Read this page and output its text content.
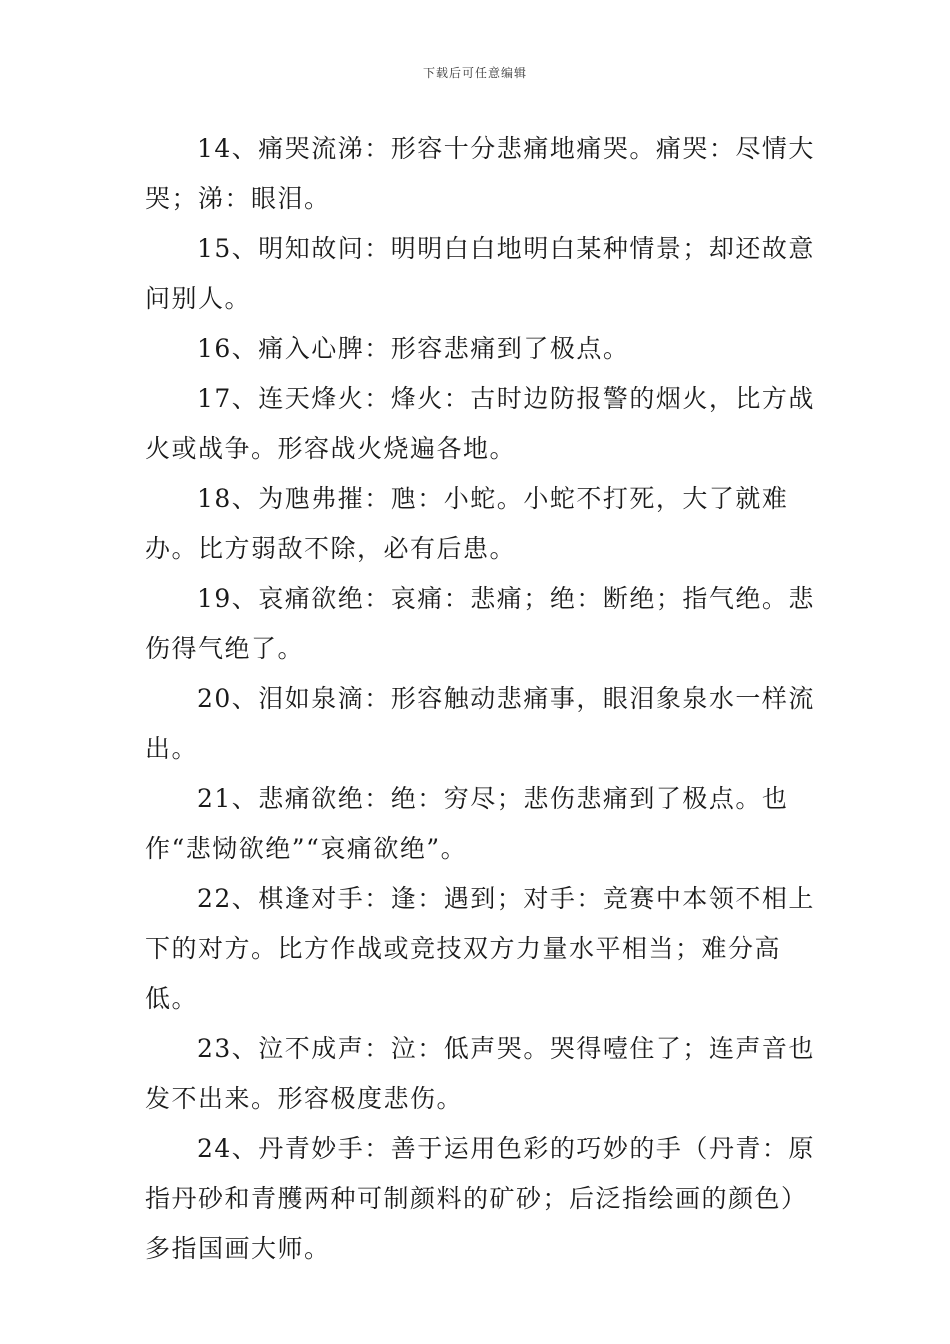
下载后可任意编辑

14、痛哭流涕：形容十分悲痛地痛哭。痛哭：尽情大哭；涕：眼泪。

15、明知故问：明明白白地明白某种情景；却还故意问别人。

16、痛入心脾：形容悲痛到了极点。

17、连天烽火：烽火：古时边防报警的烟火，比方战火或战争。形容战火烧遍各地。

18、为虺弗摧：虺：小蛇。小蛇不打死，大了就难办。比方弱敌不除，必有后患。

19、哀痛欲绝：哀痛：悲痛；绝：断绝；指气绝。悲伤得气绝了。

20、泪如泉滴：形容触动悲痛事，眼泪象泉水一样流出。

21、悲痛欲绝：绝：穷尽；悲伤悲痛到了极点。也作“悲恸欲绝”“哀痛欲绝”。

22、棋逢对手：逢：遇到；对手：竞赛中本领不相上下的对方。比方作战或竞技双方力量水平相当；难分高低。

23、泣不成声：泣：低声哭。哭得噎住了；连声音也发不出来。形容极度悲伤。

24、丹青妙手：善于运用色彩的巧妙的手（丹青：原指丹砂和青雘两种可制颜料的矿砂；后泛指绘画的颜色）多指国画大师。
